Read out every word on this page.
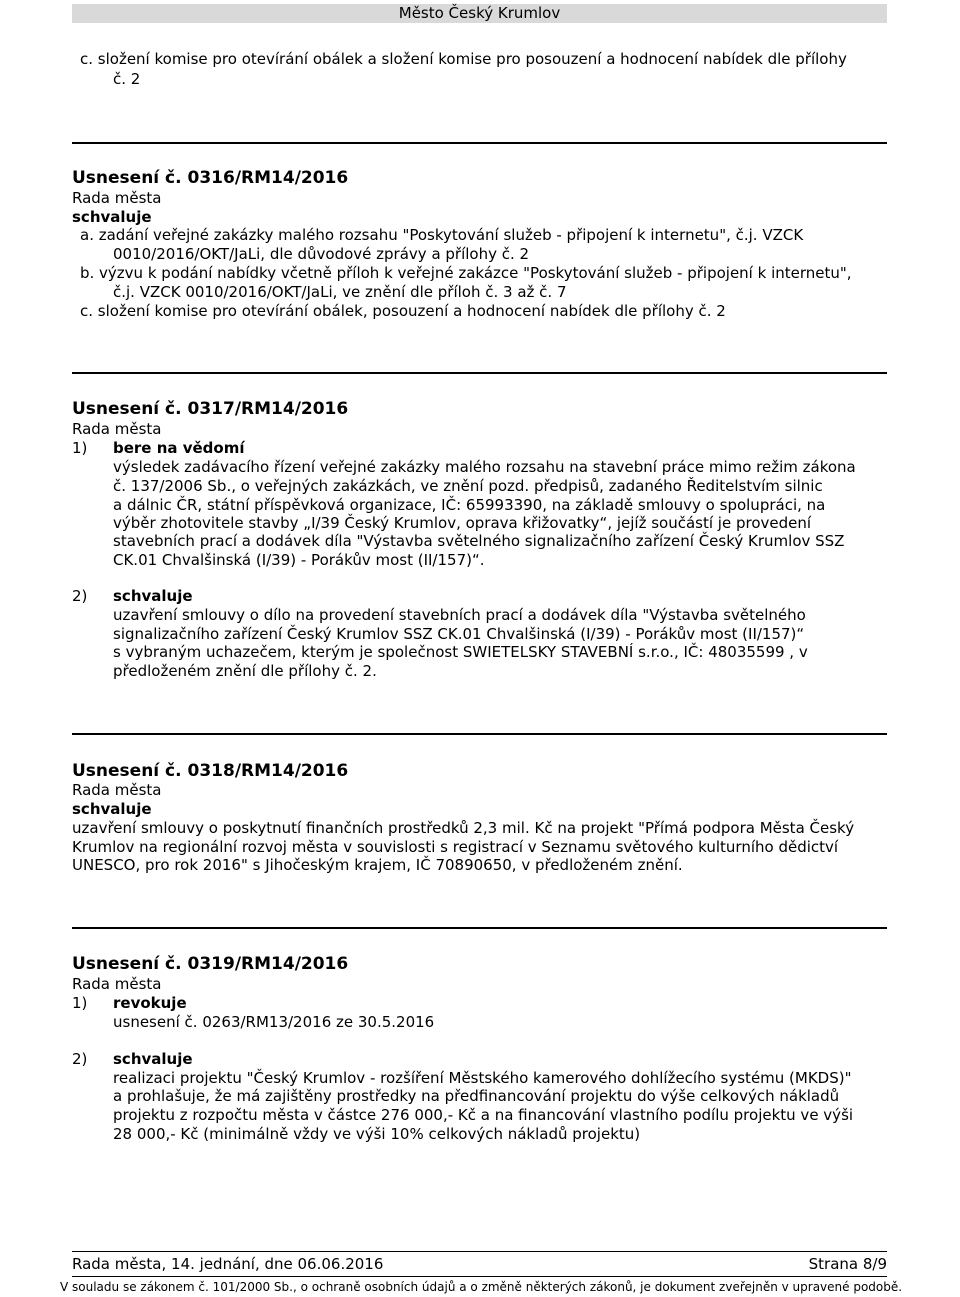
Město Český Krumlov
c. složení komise pro otevírání obálek a složení komise pro posouzení a hodnocení nabídek dle přílohy
č. 2
Usnesení č. 0316/RM14/2016
Rada města
schvaluje
a. zadání veřejné zakázky malého rozsahu "Poskytování služeb - připojení k internetu", č.j. VZCK
0010/2016/OKT/JaLi, dle důvodové zprávy a přílohy č. 2
b. výzvu k podání nabídky včetně příloh k veřejné zakázce "Poskytování služeb - připojení k internetu",
č.j. VZCK 0010/2016/OKT/JaLi, ve znění dle příloh č. 3 až č. 7
c. složení komise pro otevírání obálek, posouzení a hodnocení nabídek dle přílohy č. 2
Usnesení č. 0317/RM14/2016
Rada města
1) bere na vědomí
výsledek zadávacího řízení veřejné zakázky malého rozsahu na stavební práce mimo režim zákona
č. 137/2006 Sb., o veřejných zakázkách, ve znění pozd. předpisů, zadaného Ředitelstvím silnic
a dálnic ČR, státní příspěvková organizace, IČ: 65993390, na základě smlouvy o spolupráci, na
výběr zhotovitele stavby „I/39 Český Krumlov, oprava křižovatky“, jejíž součástí je provedení
stavebních prací a dodávek díla "Výstavba světelného signalizačního zařízení Český Krumlov SSZ
CK.01 Chvalšinská (I/39) - Porákův most (II/157)“.
2) schvaluje
uzavření smlouvy o dílo na provedení stavebních prací a dodávek díla "Výstavba světelného
signalizačního zařízení Český Krumlov SSZ CK.01 Chvalšinská (I/39) - Porákův most (II/157)“
s vybraným uchazečem, kterým je společnost SWIETELSKY STAVEBNÍ s.r.o., IČ: 48035599 , v
předloženém znění dle přílohy č. 2.
Usnesení č. 0318/RM14/2016
Rada města
schvaluje
uzavření smlouvy o poskytnutí finančních prostředků 2,3 mil. Kč na projekt "Přímá podpora Města Český
Krumlov na regionální rozvoj města v souvislosti s registrací v Seznamu světového kulturního dědictví
UNESCO, pro rok 2016" s Jihočeským krajem, IČ 70890650, v předloženém znění.
Usnesení č. 0319/RM14/2016
Rada města
1) revokuje
usnesení č. 0263/RM13/2016 ze 30.5.2016
2) schvaluje
realizaci projektu "Český Krumlov - rozšíření Městského kamerového dohlížecího systému (MKDS)"
a prohlašuje, že má zajištěny prostředky na předfinancování projektu do výše celkových nákladů
projektu z rozpočtu města v částce 276 000,- Kč a na financování vlastního podílu projektu ve výši
28 000,- Kč (minimálně vždy ve výši 10% celkových nákladů projektu)
Rada města, 14. jednání, dne 06.06.2016	Strana 8/9
V souladu se zákonem č. 101/2000 Sb., o ochraně osobních údajů a o změně některých zákonů, je dokument zveřejněn v upravené podobě.
